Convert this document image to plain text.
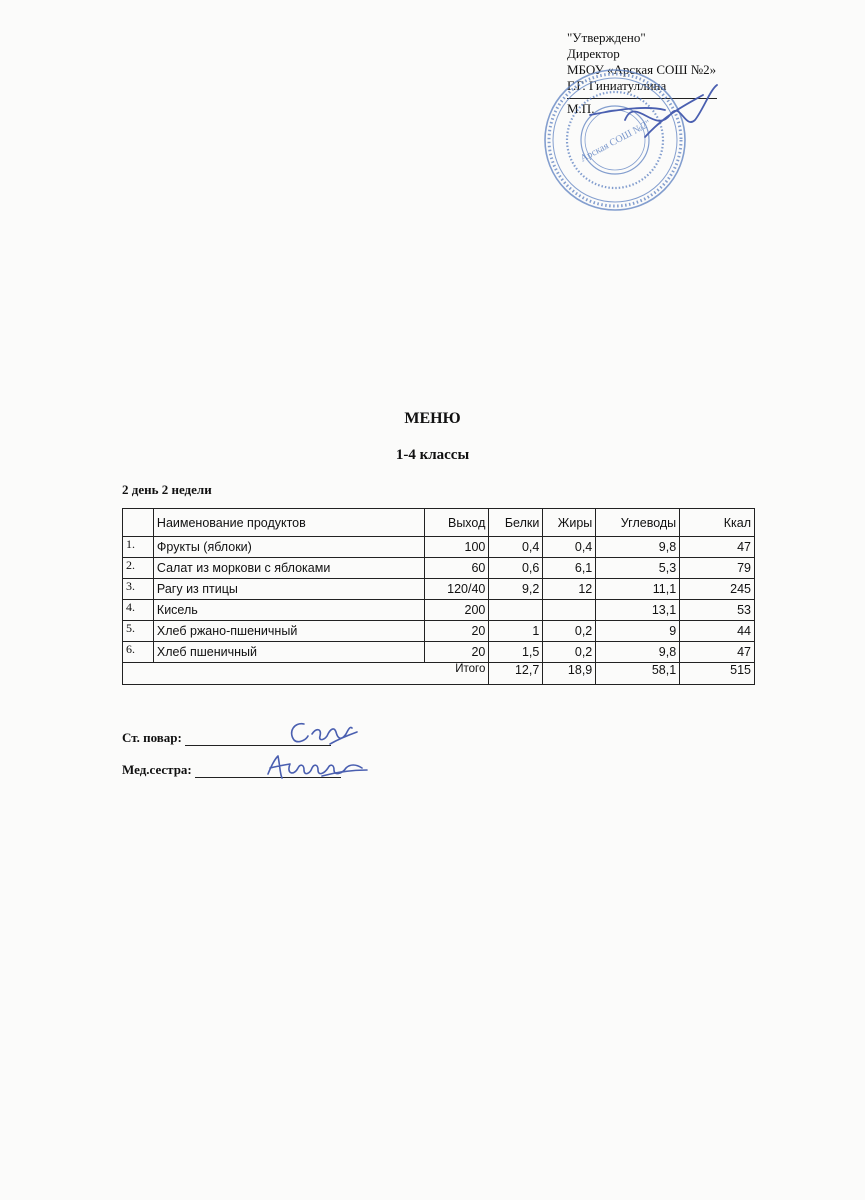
"Утверждено"
Директор
МБОУ «Арская СОШ №2»
Г.Г. Гиниатуллина
М.П.
Арская СОШ №2"
МЕНЮ
1-4 классы
2 день 2 недели
	Наименование продуктов	Выход	Белки	Жиры	Углеводы	Ккал
1.	Фрукты (яблоки)	100	0,4	0,4	9,8	47
2.	Салат из моркови с яблоками	60	0,6	6,1	5,3	79
3.	Рагу из птицы	120/40	9,2	12	11,1	245
4.	Кисель	200			13,1	53
5.	Хлеб ржано-пшеничный	20	1	0,2	9	44
6.	Хлеб пшеничный	20	1,5	0,2	9,8	47
Итого			12,7	18,9	58,1	515
Ст. повар:
Мед.сестра:
